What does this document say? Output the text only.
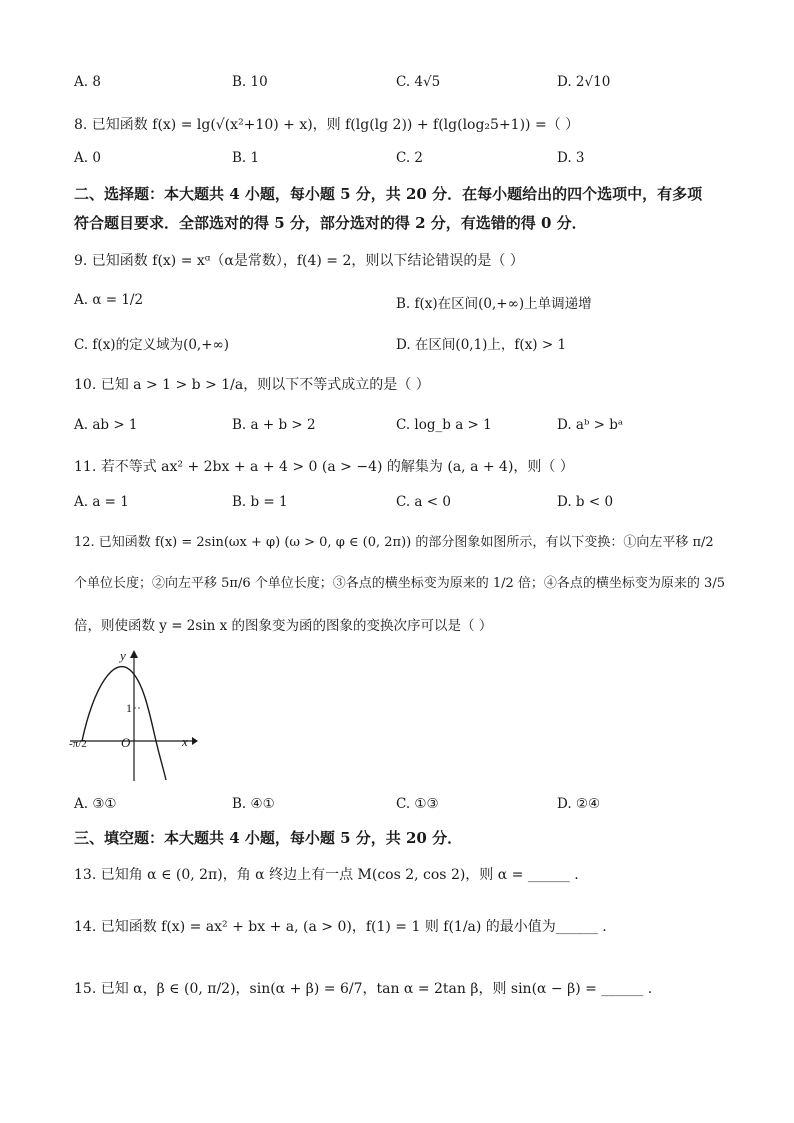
A. 8	B. 10	C. 4√5	D. 2√10
8. 已知函数 f(x) = lg(√(x²+10) + x)，则 f(lg(lg 2)) + f(lg(log₂5+1)) =（ ）
A. 0	B. 1	C. 2	D. 3
二、选择题：本大题共 4 小题，每小题 5 分，共 20 分．在每小题给出的四个选项中，有多项
符合题目要求．全部选对的得 5 分，部分选对的得 2 分，有选错的得 0 分．
9. 已知函数 f(x) = xᵅ（α是常数），f(4) = 2，则以下结论错误的是（ ）
A. α = 1/2	B. f(x)在区间(0,+∞)上单调递增
C. f(x)的定义域为(0,+∞)	D. 在区间(0,1)上，f(x) > 1
10. 已知 a > 1 > b > 1/a，则以下不等式成立的是（ ）
A. ab > 1	B. a + b > 2	C. log_b a > 1	D. aᵇ > bᵃ
11. 若不等式 ax² + 2bx + a + 4 > 0 (a > −4) 的解集为 (a, a + 4)，则（ ）
A. a = 1	B. b = 1	C. a < 0	D. b < 0
12. 已知函数 f(x) = 2sin(ωx + φ) (ω > 0, φ ∈ (0, 2π)) 的部分图象如图所示，有以下变换：①向左平移 π/2
个单位长度；②向左平移 5π/6 个单位长度；③各点的横坐标变为原来的 1/2 倍；④各点的横坐标变为原来的 3/5
倍，则使函数 y = 2sin x 的图象变为函的图象的变换次序可以是（ ）
y
x
O
1
-π/2
A. ③①	B. ④①	C. ①③	D. ②④
三、填空题：本大题共 4 小题，每小题 5 分，共 20 分．
13. 已知角 α ∈ (0, 2π)，角 α 终边上有一点 M(cos 2, cos 2)，则 α = ______ .
14. 已知函数 f(x) = ax² + bx + a, (a > 0)，f(1) = 1 则 f(1/a) 的最小值为______ .
15. 已知 α，β ∈ (0, π/2)，sin(α + β) = 6/7，tan α = 2tan β，则 sin(α − β) = ______ .
